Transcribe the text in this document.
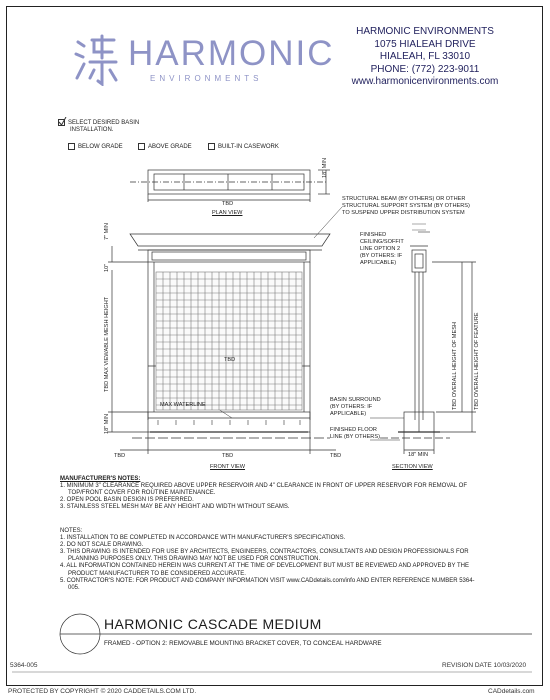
HARMONIC
ENVIRONMENTS
HARMONIC ENVIRONMENTS
1075 HIALEAH DRIVE
HIALEAH, FL 33010
PHONE: (772) 223-9011
www.harmonicenvironments.com
SELECT DESIRED BASIN
INSTALLATION.
BELOW GRADE	ABOVE GRADE	BUILT-IN CASEWORK
PLAN VIEW
FRONT VIEW	SECTION VIEW
TBD
18" MIN
TBD
TBD
TBD	TBD
7" MIN
10"
TBD MAX VIEWABLE MESH HEIGHT
18" MIN
MAX WATERLINE
18" MIN
TBD OVERALL HEIGHT OF MESH	TBD OVERALL HEIGHT OF FEATURE
STRUCTURAL BEAM (BY OTHERS) OR OTHER
STRUCTURAL SUPPORT SYSTEM (BY OTHERS)
TO SUSPEND UPPER DISTRIBUTION SYSTEM
FINISHED
CEILING/SOFFIT
LINE OPTION 2
(BY OTHERS: IF
APPLICABLE)
BASIN SURROUND
(BY OTHERS: IF
APPLICABLE)
FINISHED FLOOR
LINE (BY OTHERS)
MANUFACTURER'S NOTES:
1. MINIMUM 3" CLEARANCE REQUIRED ABOVE UPPER RESERVOIR AND 4" CLEARANCE IN FRONT OF UPPER RESERVOIR FOR REMOVAL OF TOP/FRONT COVER FOR ROUTINE MAINTENANCE.
2. OPEN POOL BASIN DESIGN IS PREFERRED.
3. STAINLESS STEEL MESH MAY BE ANY HEIGHT AND WIDTH WITHOUT SEAMS.
NOTES:
1. INSTALLATION TO BE COMPLETED IN ACCORDANCE WITH MANUFACTURER'S SPECIFICATIONS.
2. DO NOT SCALE DRAWING.
3. THIS DRAWING IS INTENDED FOR USE BY ARCHITECTS, ENGINEERS, CONTRACTORS, CONSULTANTS AND DESIGN PROFESSIONALS FOR PLANNING PURPOSES ONLY. THIS DRAWING MAY NOT BE USED FOR CONSTRUCTION.
4. ALL INFORMATION CONTAINED HEREIN WAS CURRENT AT THE TIME OF DEVELOPMENT BUT MUST BE REVIEWED AND APPROVED BY THE PRODUCT MANUFACTURER TO BE CONSIDERED ACCURATE.
5. CONTRACTOR'S NOTE: FOR PRODUCT AND COMPANY INFORMATION VISIT www.CADdetails.com/info AND ENTER REFERENCE NUMBER 5364-005.
HARMONIC CASCADE MEDIUM
FRAMED - OPTION 2: REMOVABLE MOUNTING BRACKET COVER, TO CONCEAL HARDWARE
5364-005	REVISION DATE 10/03/2020
PROTECTED BY COPYRIGHT © 2020 CADDETAILS.COM LTD.	CADdetails.com
